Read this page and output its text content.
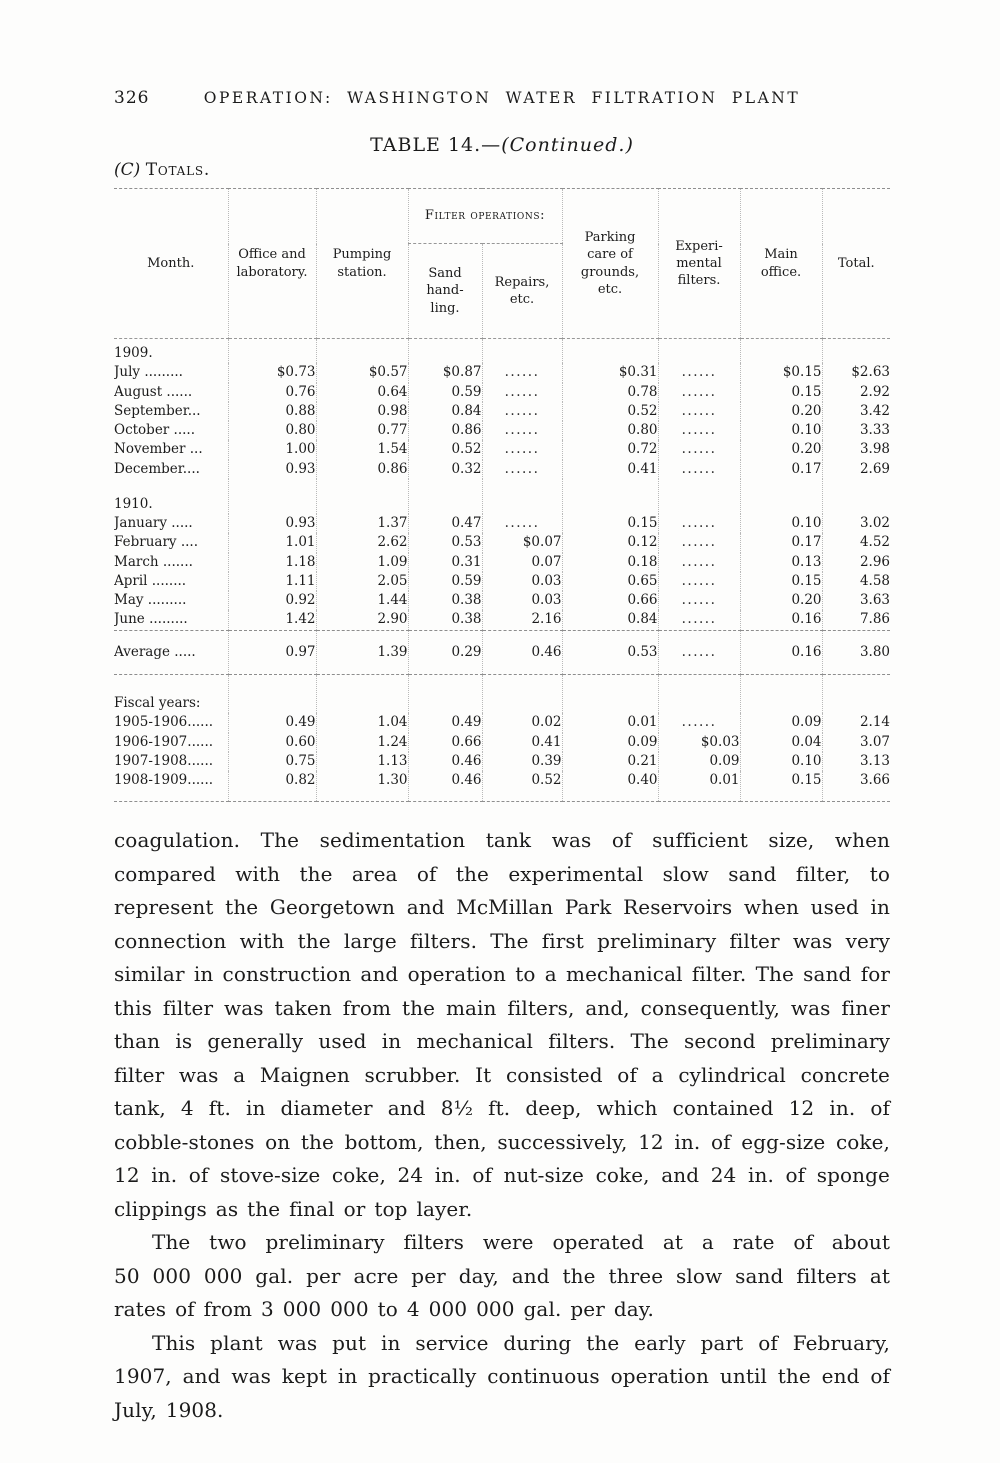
326	OPERATION: WASHINGTON WATER FILTRATION PLANT
TABLE 14.—(Continued.)
(C) Totals.
Month.	Office and laboratory.	Pumping station.	Filter operations:		Parking care of grounds, etc.	Experimental filters.	Main office.	Total.
			Sand handling.	Repairs, etc.				
1909.								
July .........	$0.73	$0.57	$0.87	......	$0.31	......	$0.15	$2.63
August ......	0.76	0.64	0.59	......	0.78	......	0.15	2.92
September...	0.88	0.98	0.84	......	0.52	......	0.20	3.42
October .....	0.80	0.77	0.86	......	0.80	......	0.10	3.33
November ...	1.00	1.54	0.52	......	0.72	......	0.20	3.98
December....	0.93	0.86	0.32	......	0.41	......	0.17	2.69
1910.								
January .....	0.93	1.37	0.47	......	0.15	......	0.10	3.02
February ....	1.01	2.62	0.53	$0.07	0.12	......	0.17	4.52
March .......	1.18	1.09	0.31	0.07	0.18	......	0.13	2.96
April ........	1.11	2.05	0.59	0.03	0.65	......	0.15	4.58
May .........	0.92	1.44	0.38	0.03	0.66	......	0.20	3.63
June .........	1.42	2.90	0.38	2.16	0.84	......	0.16	7.86
Average .....	0.97	1.39	0.29	0.46	0.53	......	0.16	3.80
Fiscal years:								
1905-1906......	0.49	1.04	0.49	0.02	0.01	......	0.09	2.14
1906-1907......	0.60	1.24	0.66	0.41	0.09	$0.03	0.04	3.07
1907-1908......	0.75	1.13	0.46	0.39	0.21	0.09	0.10	3.13
1908-1909......	0.82	1.30	0.46	0.52	0.40	0.01	0.15	3.66

coagulation. The sedimentation tank was of sufficient size, when compared with the area of the experimental slow sand filter, to represent the Georgetown and McMillan Park Reservoirs when used in connection with the large filters. The first preliminary filter was very similar in construction and operation to a mechanical filter. The sand for this filter was taken from the main filters, and, consequently, was finer than is generally used in mechanical filters. The second preliminary filter was a Maignen scrubber. It consisted of a cylindrical concrete tank, 4 ft. in diameter and 8½ ft. deep, which contained 12 in. of cobble-stones on the bottom, then, successively, 12 in. of egg-size coke, 12 in. of stove-size coke, 24 in. of nut-size coke, and 24 in. of sponge clippings as the final or top layer.

The two preliminary filters were operated at a rate of about 50 000 000 gal. per acre per day, and the three slow sand filters at rates of from 3 000 000 to 4 000 000 gal. per day.

This plant was put in service during the early part of February, 1907, and was kept in practically continuous operation until the end of July, 1908.
